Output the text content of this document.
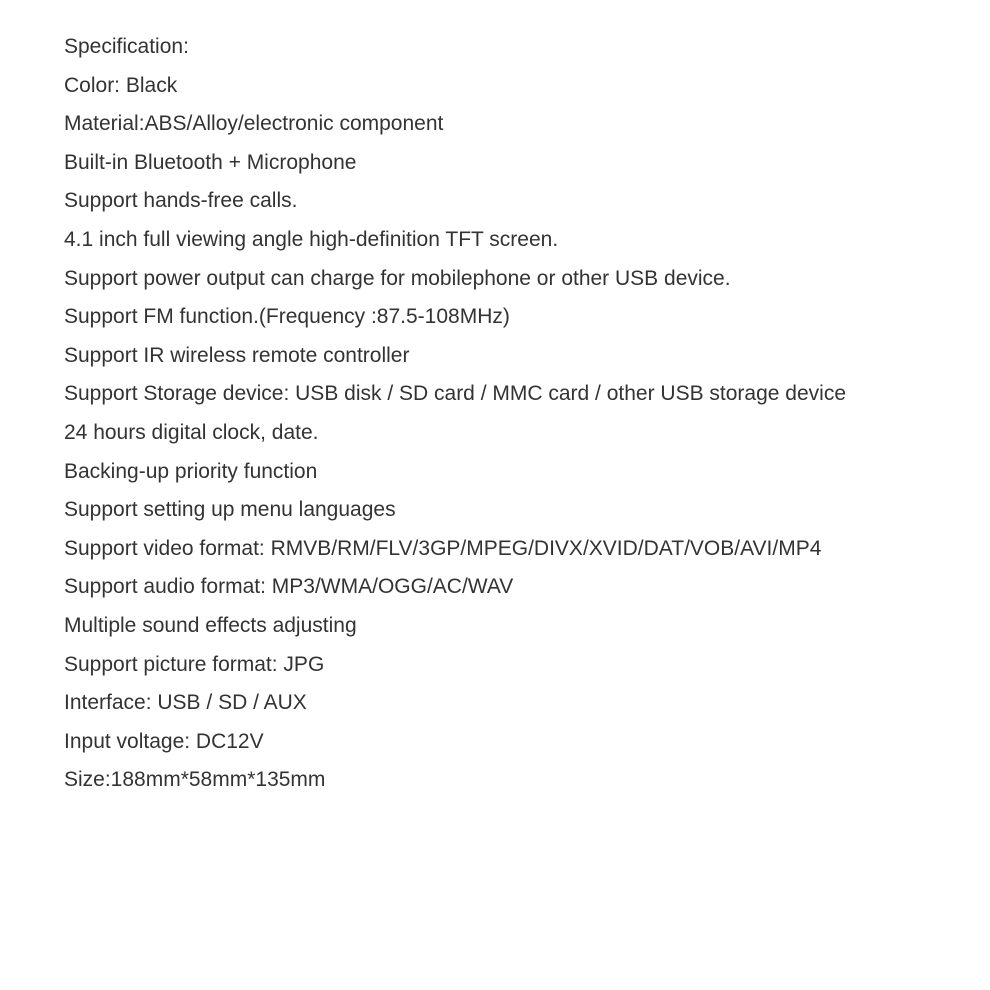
Specification:
Color: Black
Material:ABS/Alloy/electronic component
Built-in Bluetooth + Microphone
Support hands-free calls.
4.1 inch full viewing angle high-definition TFT screen.
Support power output can charge for mobilephone or other USB device.
Support FM function.(Frequency :87.5-108MHz)
Support IR wireless remote controller
Support Storage device: USB disk / SD card / MMC card / other USB storage device
24 hours digital clock, date.
Backing-up priority function
Support setting up menu languages
Support video format: RMVB/RM/FLV/3GP/MPEG/DIVX/XVID/DAT/VOB/AVI/MP4
Support audio format: MP3/WMA/OGG/AC/WAV
Multiple sound effects adjusting
Support picture format: JPG
Interface: USB / SD / AUX
Input voltage: DC12V
Size:188mm*58mm*135mm
